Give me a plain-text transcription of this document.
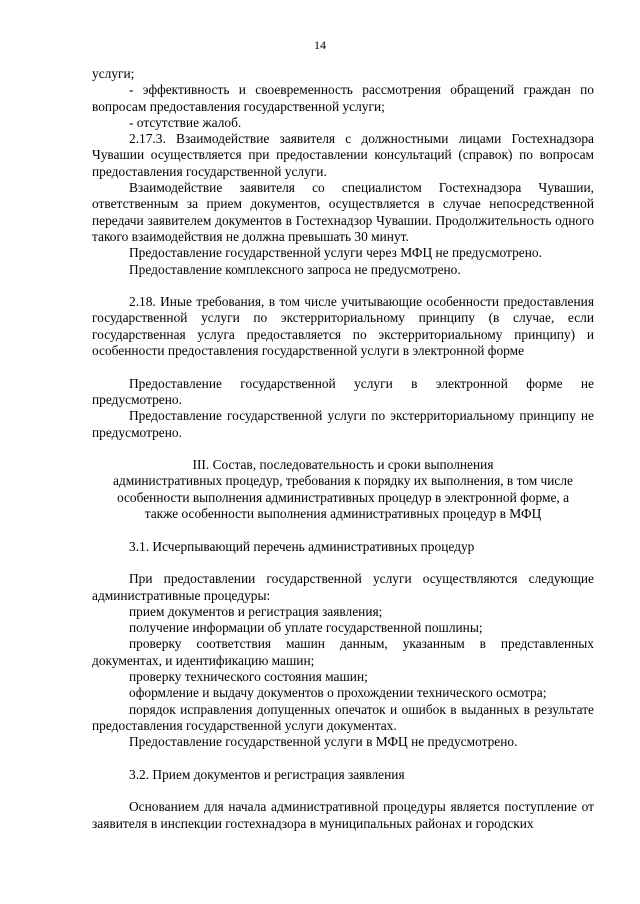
14

услуги;

- эффективность и своевременность рассмотрения обращений граждан по вопросам предоставления государственной услуги;

- отсутствие жалоб.

2.17.3. Взаимодействие заявителя с должностными лицами Гостехнадзора Чувашии осуществляется при предоставлении консультаций (справок) по вопросам предоставления государственной услуги.

Взаимодействие заявителя со специалистом Гостехнадзора Чувашии, ответственным за прием документов, осуществляется в случае непосредственной передачи заявителем документов в Гостехнадзор Чувашии. Продолжительность одного такого взаимодействия не должна превышать 30 минут.

Предоставление государственной услуги через МФЦ не предусмотрено.

Предоставление комплексного запроса не предусмотрено.

2.18. Иные требования, в том числе учитывающие особенности предоставления государственной услуги по экстерриториальному принципу (в случае, если государственная услуга предоставляется по экстерриториальному принципу) и особенности предоставления государственной услуги в электронной форме

Предоставление государственной услуги в электронной форме не предусмотрено.

Предоставление государственной услуги по экстерриториальному принципу не предусмотрено.

III. Состав, последовательность и сроки выполнения

административных процедур, требования к порядку их выполнения, в том числе

особенности выполнения административных процедур в электронной форме, а

также особенности выполнения административных процедур в МФЦ

3.1. Исчерпывающий перечень административных процедур

При предоставлении государственной услуги осуществляются следующие административные процедуры:

прием документов и регистрация заявления;

получение информации об уплате государственной пошлины;

проверку соответствия машин данным, указанным в представленных документах, и идентификацию машин;

проверку технического состояния машин;

оформление и выдачу документов о прохождении технического осмотра;

порядок исправления допущенных опечаток и ошибок в выданных в результате предоставления государственной услуги документах.

Предоставление государственной услуги в МФЦ не предусмотрено.

3.2. Прием документов и регистрация заявления

Основанием для начала административной процедуры является поступление от заявителя в инспекции гостехнадзора в муниципальных районах и городских
